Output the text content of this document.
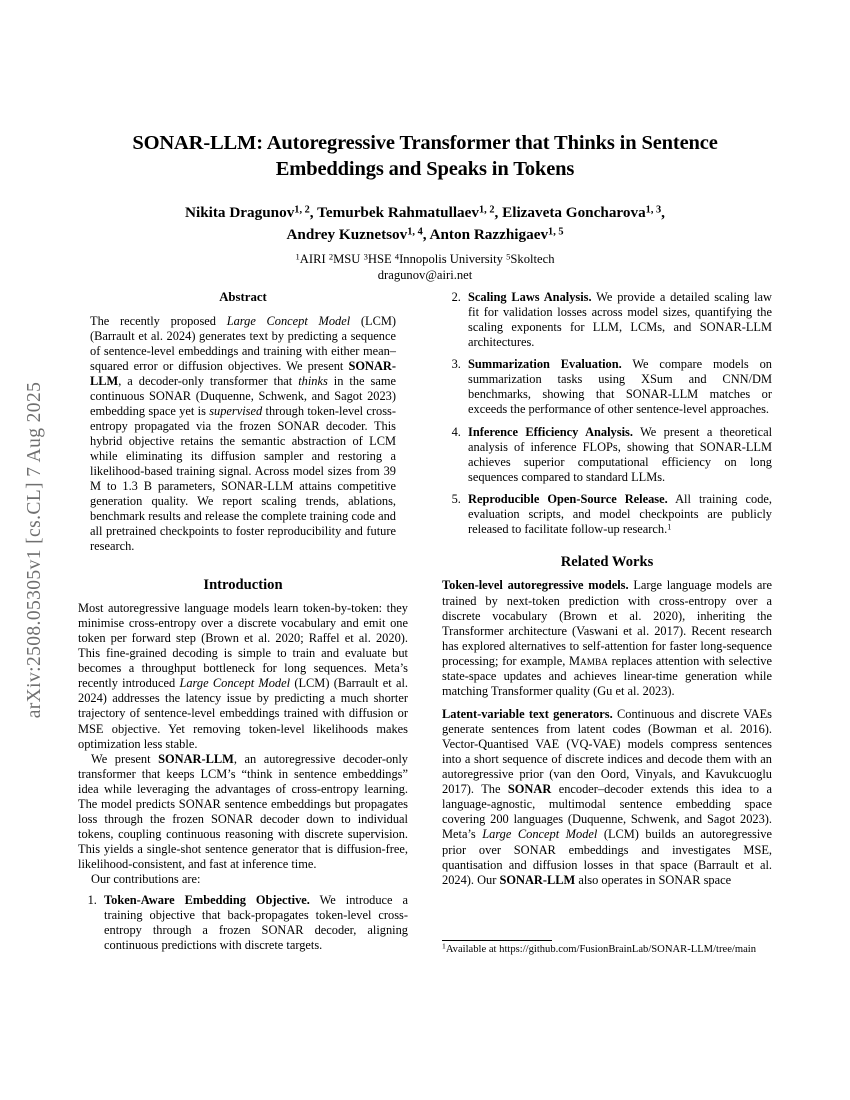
arXiv:2508.05305v1 [cs.CL] 7 Aug 2025
SONAR-LLM: Autoregressive Transformer that Thinks in Sentence Embeddings and Speaks in Tokens
Nikita Dragunov$^{1, 2}$, Temurbek Rahmatullaev$^{1, 2}$, Elizaveta Goncharova$^{1, 3}$,
Andrey Kuznetsov$^{1, 4}$, Anton Razzhigaev$^{1, 5}$
$^1$AIRI $^2$MSU $^3$HSE $^4$Innopolis University $^5$Skoltech
dragunov@airi.net
Abstract
The recently proposed Large Concept Model (LCM) (Barrault et al. 2024) generates text by predicting a sequence of sentence-level embeddings and training with either mean–squared error or diffusion objectives. We present SONAR-LLM, a decoder-only transformer that thinks in the same continuous SONAR (Duquenne, Schwenk, and Sagot 2023) embedding space yet is supervised through token-level cross-entropy propagated via the frozen SONAR decoder. This hybrid objective retains the semantic abstraction of LCM while eliminating its diffusion sampler and restoring a likelihood-based training signal. Across model sizes from 39 M to 1.3 B parameters, SONAR-LLM attains competitive generation quality. We report scaling trends, ablations, benchmark results and release the complete training code and all pretrained checkpoints to foster reproducibility and future research.
Introduction

Most autoregressive language models learn token-by-token: they minimise cross-entropy over a discrete vocabulary and emit one token per forward step (Brown et al. 2020; Raffel et al. 2020). This fine-grained decoding is simple to train and evaluate but becomes a throughput bottleneck for long sequences. Meta’s recently introduced Large Concept Model (LCM) (Barrault et al. 2024) addresses the latency issue by predicting a much shorter trajectory of sentence-level embeddings trained with diffusion or MSE objective. Yet removing token-level likelihoods makes optimization less stable.

We present SONAR-LLM, an autoregressive decoder-only transformer that keeps LCM’s “think in sentence embeddings” idea while leveraging the advantages of cross-entropy learning. The model predicts SONAR sentence embeddings but propagates loss through the frozen SONAR decoder down to individual tokens, coupling continuous reasoning with discrete supervision. This yields a single-shot sentence generator that is diffusion-free, likelihood-consistent, and fast at inference time.

Our contributions are:

1. Token-Aware Embedding Objective. We introduce a training objective that back-propagates token-level cross-entropy through a frozen SONAR decoder, aligning continuous predictions with discrete targets.
2. Scaling Laws Analysis. We provide a detailed scaling law fit for validation losses across model sizes, quantifying the scaling exponents for LLM, LCMs, and SONAR-LLM architectures.
3. Summarization Evaluation. We compare models on summarization tasks using XSum and CNN/DM benchmarks, showing that SONAR-LLM matches or exceeds the performance of other sentence-level approaches.
4. Inference Efficiency Analysis. We present a theoretical analysis of inference FLOPs, showing that SONAR-LLM achieves superior computational efficiency on long sequences compared to standard LLMs.
5. Reproducible Open-Source Release. All training code, evaluation scripts, and model checkpoints are publicly released to facilitate follow-up research.$^1$
Related Works

Token-level autoregressive models. Large language models are trained by next-token prediction with cross-entropy over a discrete vocabulary (Brown et al. 2020), inheriting the Transformer architecture (Vaswani et al. 2017). Recent research has explored alternatives to self-attention for faster long-sequence processing; for example, Mamba replaces attention with selective state-space updates and achieves linear-time generation while matching Transformer quality (Gu et al. 2023).

Latent-variable text generators. Continuous and discrete VAEs generate sentences from latent codes (Bowman et al. 2016). Vector-Quantised VAE (VQ-VAE) models compress sentences into a short sequence of discrete indices and decode them with an autoregressive prior (van den Oord, Vinyals, and Kavukcuoglu 2017). The SONAR encoder–decoder extends this idea to a language-agnostic, multimodal sentence embedding space covering 200 languages (Duquenne, Schwenk, and Sagot 2023). Meta’s Large Concept Model (LCM) builds an autoregressive prior over SONAR embeddings and investigates MSE, quantisation and diffusion losses in that space (Barrault et al. 2024). Our SONAR-LLM also operates in SONAR space

$^1$Available at https://github.com/FusionBrainLab/SONAR-LLM/tree/main
